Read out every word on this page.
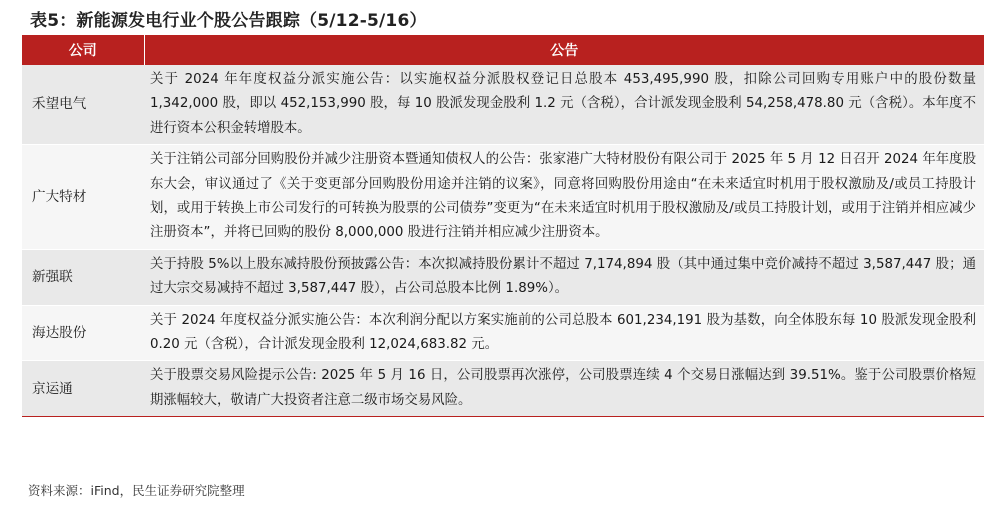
表5：新能源发电行业个股公告跟踪（5/12-5/16）
公司	公告
禾望电气	关于 2024 年年度权益分派实施公告：以实施权益分派股权登记日总股本 453,495,990 股，扣除公司回购专用账户中的股份数量 1,342,000 股，即以 452,153,990 股，每 10 股派发现金股利 1.2 元（含税），合计派发现金股利 54,258,478.80 元（含税）。本年度不进行资本公积金转增股本。
广大特材	关于注销公司部分回购股份并减少注册资本暨通知债权人的公告：张家港广大特材股份有限公司于 2025 年 5 月 12 日召开 2024 年年度股东大会，审议通过了《关于变更部分回购股份用途并注销的议案》，同意将回购股份用途由“在未来适宜时机用于股权激励及/或员工持股计划，或用于转换上市公司发行的可转换为股票的公司债券”变更为“在未来适宜时机用于股权激励及/或员工持股计划，或用于注销并相应减少注册资本”，并将已回购的股份 8,000,000 股进行注销并相应减少注册资本。
新强联	关于持股 5%以上股东减持股份预披露公告：本次拟减持股份累计不超过 7,174,894 股（其中通过集中竞价减持不超过 3,587,447 股；通过大宗交易减持不超过 3,587,447 股），占公司总股本比例 1.89%）。
海达股份	关于 2024 年度权益分派实施公告：本次利润分配以方案实施前的公司总股本 601,234,191 股为基数，向全体股东每 10 股派发现金股利 0.20 元（含税），合计派发现金股利 12,024,683.82 元。
京运通	关于股票交易风险提示公告: 2025 年 5 月 16 日，公司股票再次涨停，公司股票连续 4 个交易日涨幅达到 39.51%。鉴于公司股票价格短期涨幅较大，敬请广大投资者注意二级市场交易风险。
资料来源：iFind，民生证券研究院整理
